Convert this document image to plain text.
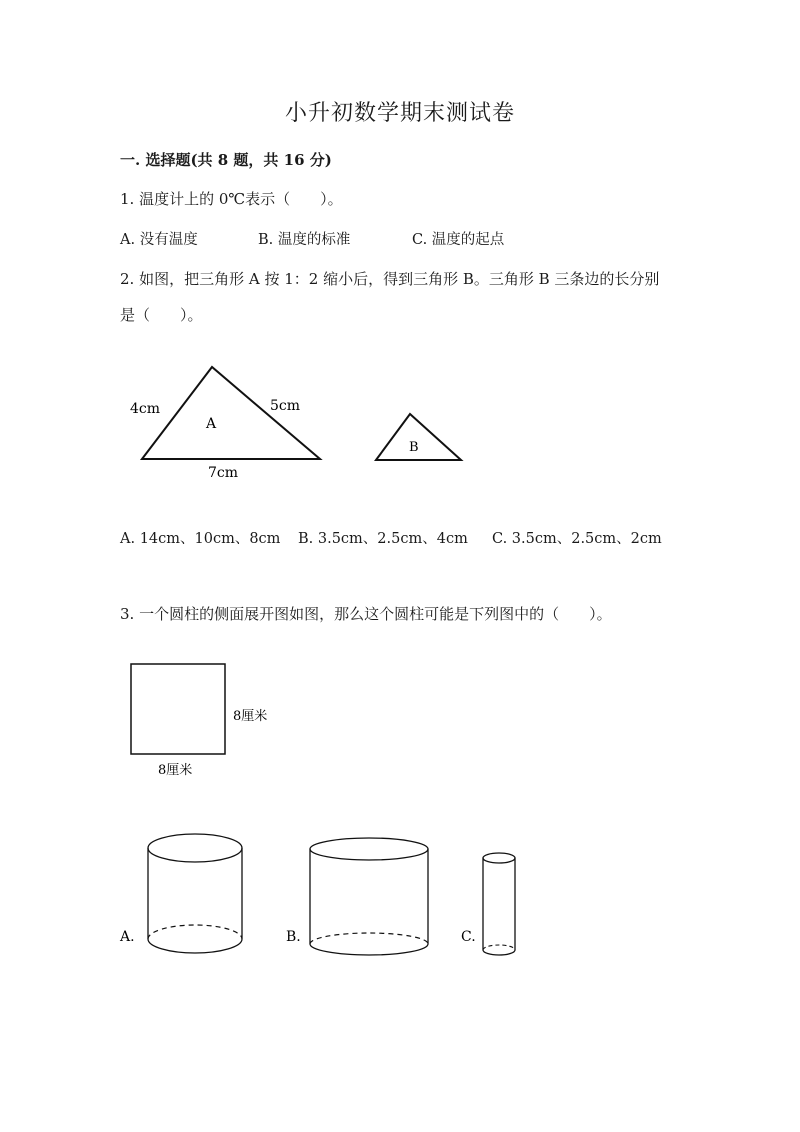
小升初数学期末测试卷
一. 选择题(共 8 题，共 16 分)
1. 温度计上的 0℃表示（　　）。
A. 没有温度	B. 温度的标准	C. 温度的起点
2. 如图，把三角形 A 按 1：2 缩小后，得到三角形 B。三角形 B 三条边的长分别
是（　　）。
A
4cm	5cm
7cm
B
8厘米
8厘米
A.	B.	C.
A. 14cm、10cm、8cm B. 3.5cm、2.5cm、4cm C. 3.5cm、2.5cm、2cm
3. 一个圆柱的侧面展开图如图，那么这个圆柱可能是下列图中的（　　）。
